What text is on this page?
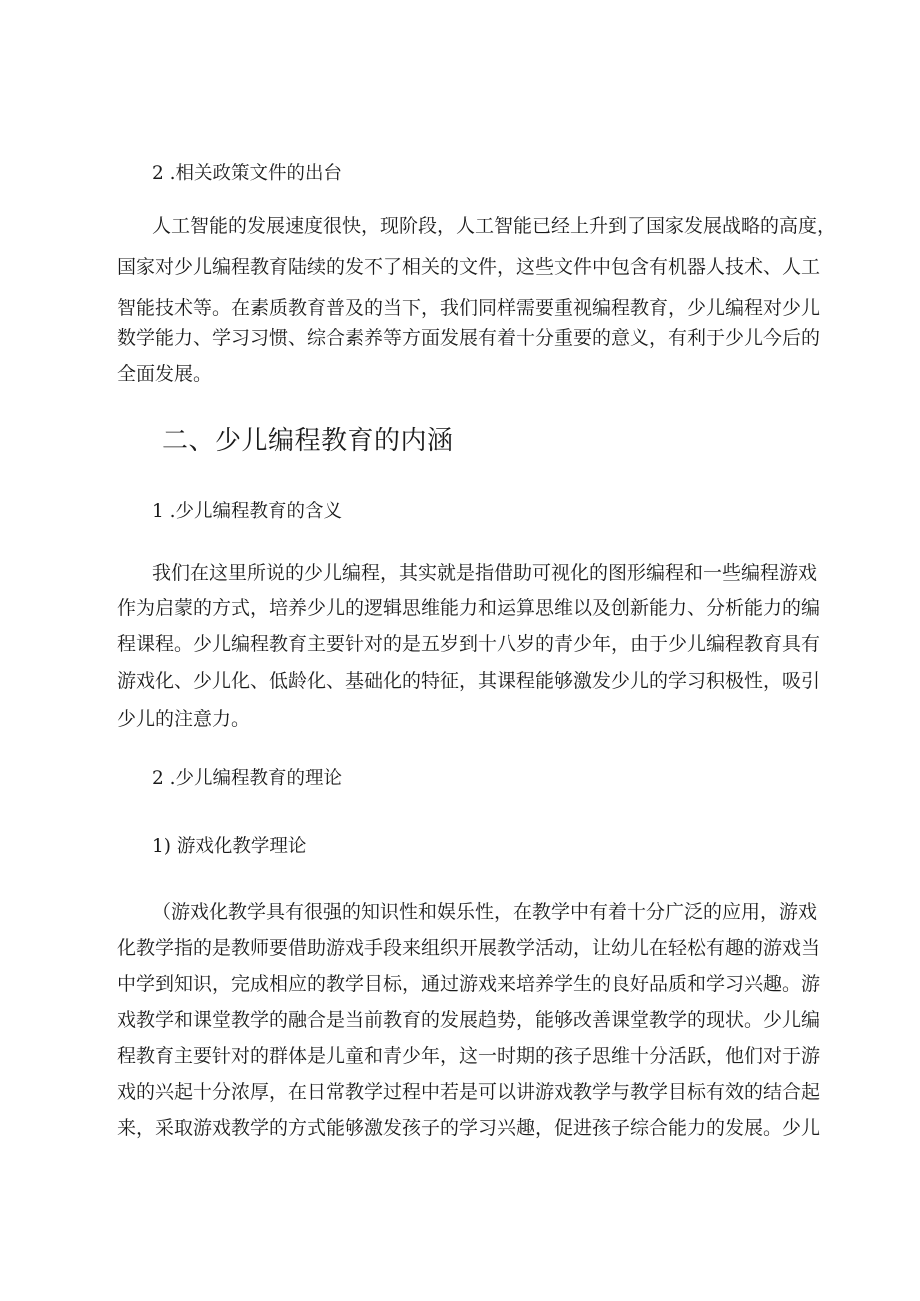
2 .相关政策文件的出台
人工智能的发展速度很快，现阶段，人工智能已经上升到了国家发展战略的高度，
国家对少儿编程教育陆续的发不了相关的文件，这些文件中包含有机器人技术、人工
智能技术等。在素质教育普及的当下，我们同样需要重视编程教育，少儿编程对少儿
数学能力、学习习惯、综合素养等方面发展有着十分重要的意义，有利于少儿今后的
全面发展。
二、少儿编程教育的内涵
1 .少儿编程教育的含义
我们在这里所说的少儿编程，其实就是指借助可视化的图形编程和一些编程游戏
作为启蒙的方式，培养少儿的逻辑思维能力和运算思维以及创新能力、分析能力的编
程课程。少儿编程教育主要针对的是五岁到十八岁的青少年，由于少儿编程教育具有
游戏化、少儿化、低龄化、基础化的特征，其课程能够激发少儿的学习积极性，吸引
少儿的注意力。
2 .少儿编程教育的理论
1) 游戏化教学理论
（游戏化教学具有很强的知识性和娱乐性，在教学中有着十分广泛的应用，游戏
化教学指的是教师要借助游戏手段来组织开展教学活动，让幼儿在轻松有趣的游戏当
中学到知识，完成相应的教学目标，通过游戏来培养学生的良好品质和学习兴趣。游
戏教学和课堂教学的融合是当前教育的发展趋势，能够改善课堂教学的现状。少儿编
程教育主要针对的群体是儿童和青少年，这一时期的孩子思维十分活跃，他们对于游
戏的兴起十分浓厚，在日常教学过程中若是可以讲游戏教学与教学目标有效的结合起
来，采取游戏教学的方式能够激发孩子的学习兴趣，促进孩子综合能力的发展。少儿
